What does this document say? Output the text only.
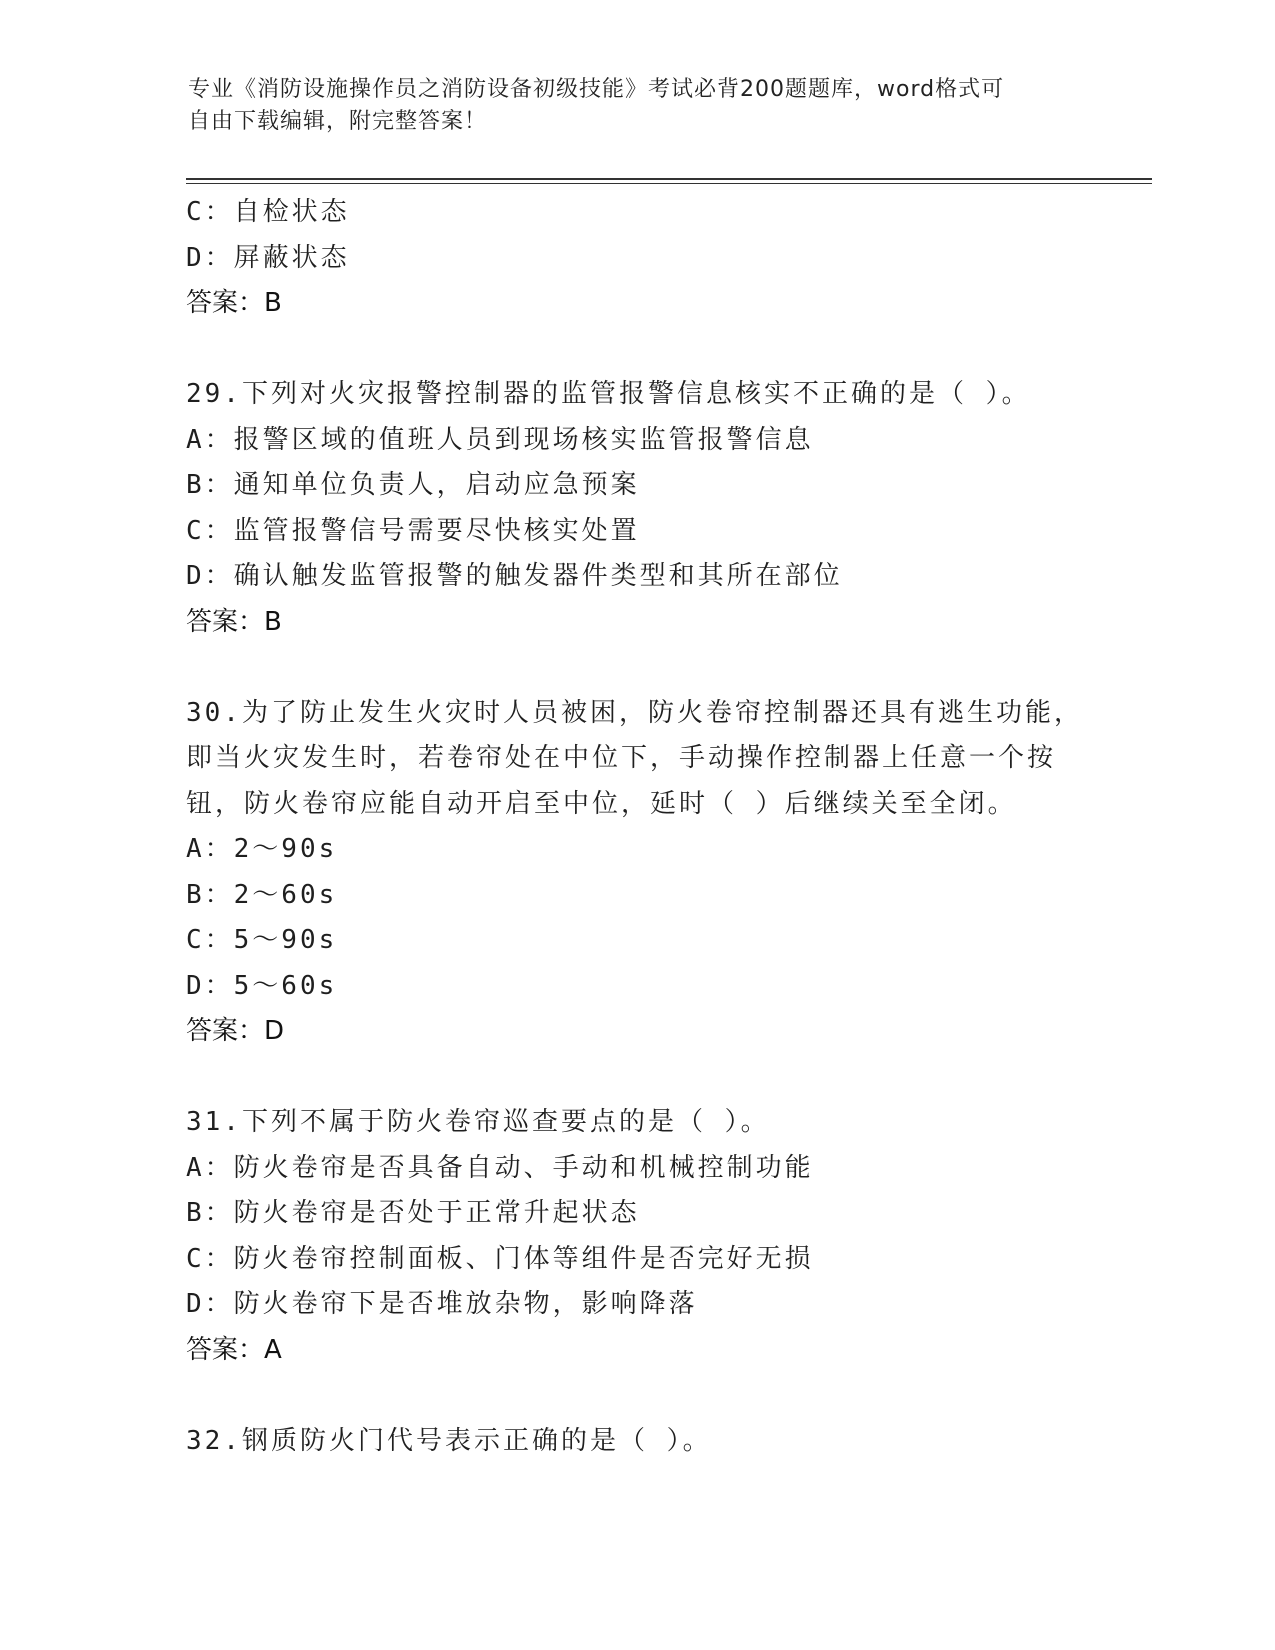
专业《消防设施操作员之消防设备初级技能》考试必背200题题库，word格式可
自由下载编辑，附完整答案！
C：自检状态
D：屏蔽状态
答案：B
29.下列对火灾报警控制器的监管报警信息核实不正确的是（ ）。
A：报警区域的值班人员到现场核实监管报警信息
B：通知单位负责人，启动应急预案
C：监管报警信号需要尽快核实处置
D：确认触发监管报警的触发器件类型和其所在部位
答案：B
30.为了防止发生火灾时人员被困，防火卷帘控制器还具有逃生功能，
即当火灾发生时，若卷帘处在中位下，手动操作控制器上任意一个按
钮，防火卷帘应能自动开启至中位，延时（ ）后继续关至全闭。
A：2～90s
B：2～60s
C：5～90s
D：5～60s
答案：D
31.下列不属于防火卷帘巡查要点的是（ ）。
A：防火卷帘是否具备自动、手动和机械控制功能
B：防火卷帘是否处于正常升起状态
C：防火卷帘控制面板、门体等组件是否完好无损
D：防火卷帘下是否堆放杂物，影响降落
答案：A
32.钢质防火门代号表示正确的是（ ）。
